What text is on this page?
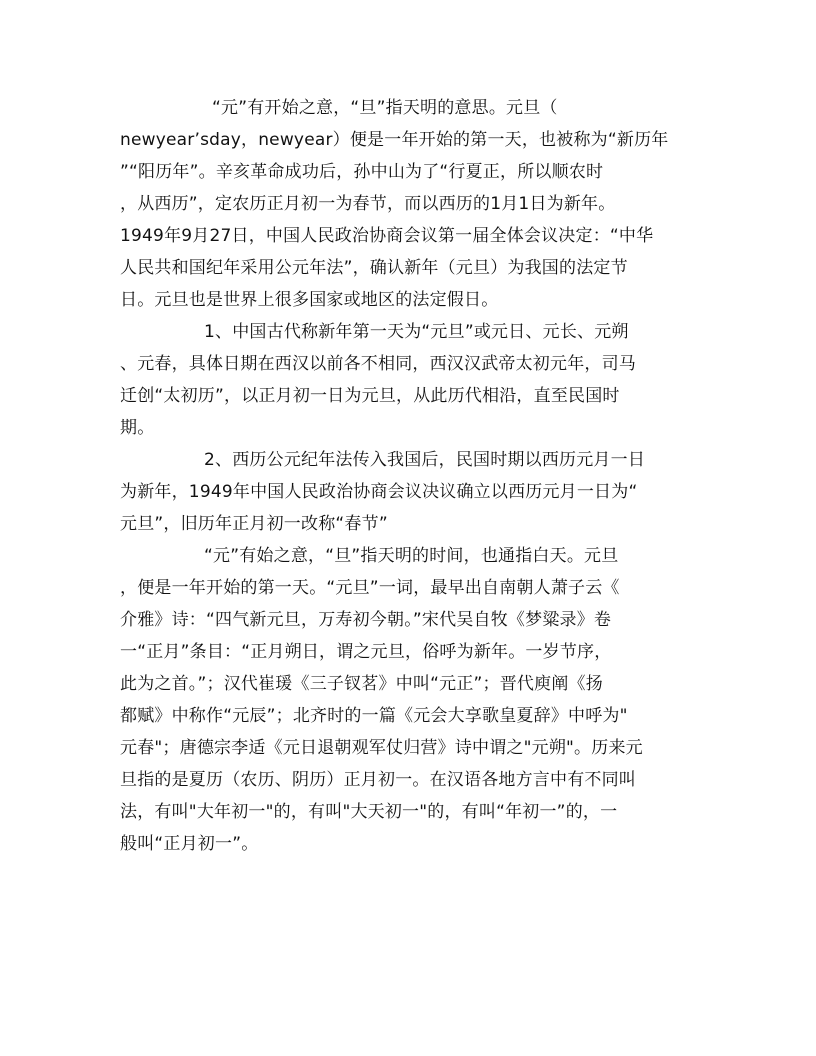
“元”有开始之意，“旦”指天明的意思。元旦（
newyear’sday，newyear）便是一年开始的第一天，也被称为“新历年
”“阳历年”。辛亥革命成功后，孙中山为了“行夏正，所以顺农时
，从西历”，定农历正月初一为春节，而以西历的1月1日为新年。
1949年9月27日，中国人民政治协商会议第一届全体会议决定：“中华
人民共和国纪年采用公元年法”，确认新年（元旦）为我国的法定节
日。元旦也是世界上很多国家或地区的法定假日。
1、中国古代称新年第一天为“元旦”或元日、元长、元朔
、元春，具体日期在西汉以前各不相同，西汉汉武帝太初元年，司马
迁创“太初历”，以正月初一日为元旦，从此历代相沿，直至民国时
期。
2、西历公元纪年法传入我国后，民国时期以西历元月一日
为新年，1949年中国人民政治协商会议决议确立以西历元月一日为“
元旦”，旧历年正月初一改称“春节”
“元”有始之意，“旦”指天明的时间，也通指白天。元旦
，便是一年开始的第一天。“元旦”一词，最早出自南朝人萧子云《
介雅》诗：“四气新元旦，万寿初今朝。”宋代吴自牧《梦粱录》卷
一“正月”条目：“正月朔日，谓之元旦，俗呼为新年。一岁节序，
此为之首。”；汉代崔瑗《三子钗茗》中叫“元正”；晋代庾阐《扬
都赋》中称作“元辰”；北齐时的一篇《元会大享歌皇夏辞》中呼为"
元春"；唐德宗李适《元日退朝观军仗归营》诗中谓之"元朔"。历来元
旦指的是夏历（农历、阴历）正月初一。在汉语各地方言中有不同叫
法，有叫"大年初一"的，有叫"大天初一"的，有叫“年初一”的，一
般叫“正月初一”。
